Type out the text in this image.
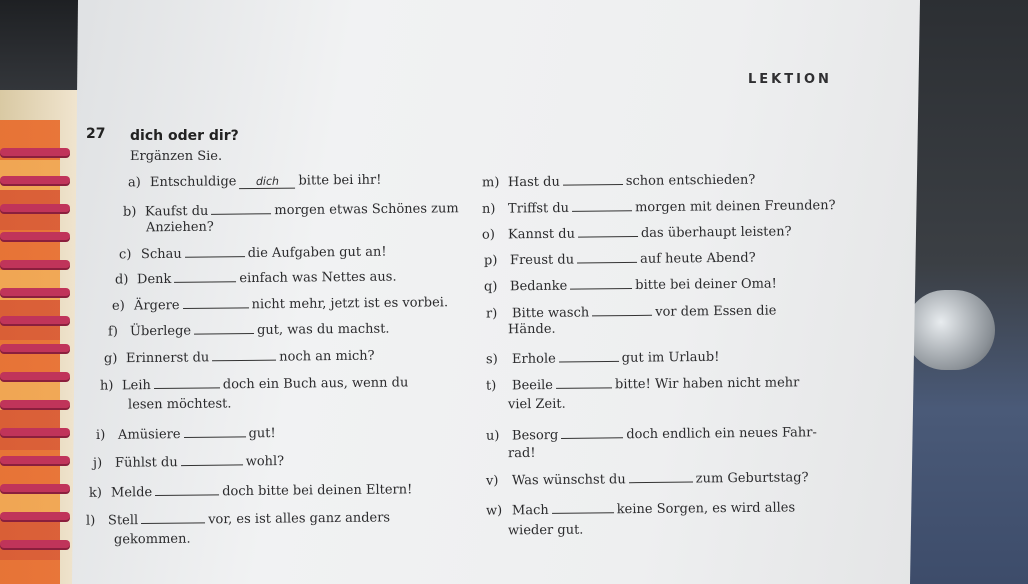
LEKTION
27 dich oder dir?
Ergänzen Sie.
a) Entschuldige dich bitte bei ihr!
b) Kaufst du	morgen etwas Schönes zum
Anziehen?
c) Schau	die Aufgaben gut an!
d) Denk	einfach was Nettes aus.
e) Ärgere	nicht mehr, jetzt ist es vorbei.
f) Überlege	gut, was du machst.
g) Erinnerst du	noch an mich?
h) Leih	doch ein Buch aus, wenn du
lesen möchtest.
i) Amüsiere	gut!
j) Fühlst du	wohl?
k) Melde	doch bitte bei deinen Eltern!
l) Stell	vor, es ist alles ganz anders
gekommen.
m) Hast du	schon entschieden?
n) Triffst du	morgen mit deinen Freunden?
o) Kannst du	das überhaupt leisten?
p) Freust du	auf heute Abend?
q) Bedanke	bitte bei deiner Oma!
r) Bitte wasch	vor dem Essen die
Hände.
s) Erhole	gut im Urlaub!
t) Beeile	bitte! Wir haben nicht mehr
viel Zeit.
u) Besorg	doch endlich ein neues Fahr-
rad!
v) Was wünschst du	zum Geburtstag?
w) Mach	keine Sorgen, es wird alles
wieder gut.
